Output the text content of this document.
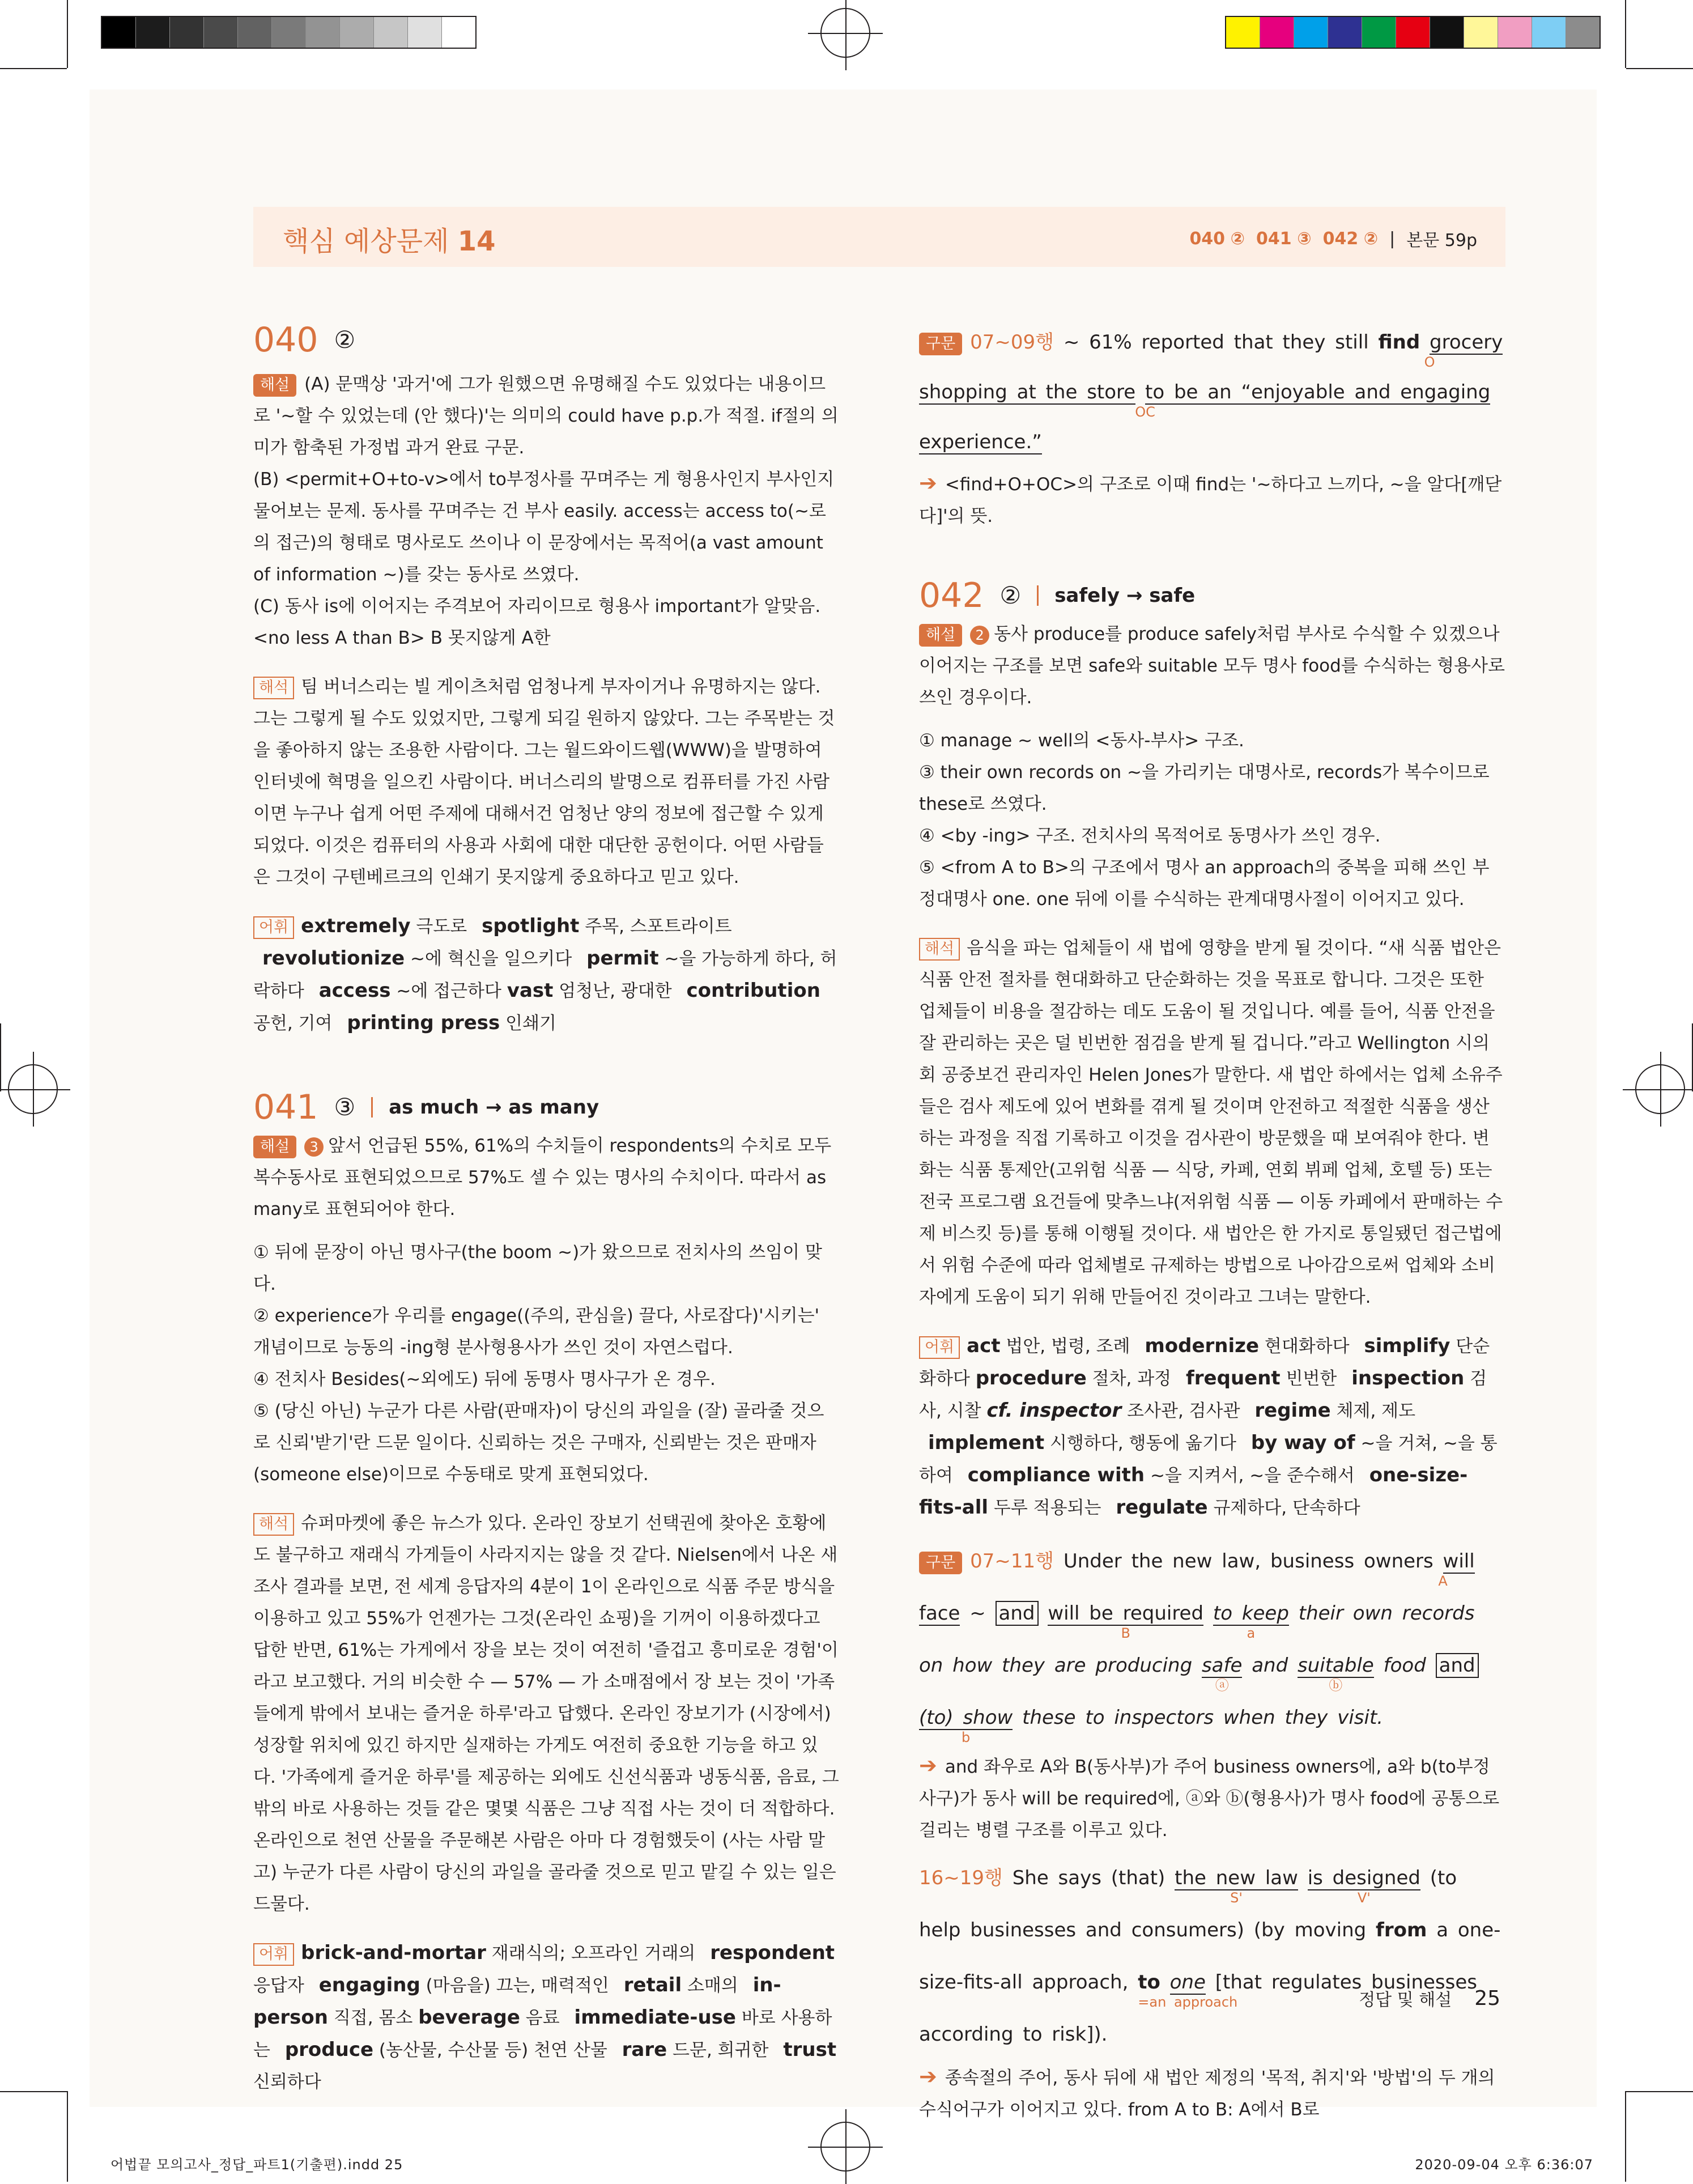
핵심 예상문제 14	040 ② 041 ③ 042 ② | 본문 59p
040 ②

해설 (A) 문맥상 '과거'에 그가 원했으면 유명해질 수도 있었다는 내용이므로 '~할 수 있었는데 (안 했다)'는 의미의 could have p.p.가 적절. if절의 의미가 함축된 가정법 과거 완료 구문.

(B) <permit+O+to-v>에서 to부정사를 꾸며주는 게 형용사인지 부사인지 물어보는 문제. 동사를 꾸며주는 건 부사 easily. access는 access to(~로의 접근)의 형태로 명사로도 쓰이나 이 문장에서는 목적어(a vast amount of information ~)를 갖는 동사로 쓰였다.

(C) 동사 is에 이어지는 주격보어 자리이므로 형용사 important가 알맞음. <no less A than B> B 못지않게 A한

해석 팀 버너스리는 빌 게이츠처럼 엄청나게 부자이거나 유명하지는 않다. 그는 그렇게 될 수도 있었지만, 그렇게 되길 원하지 않았다. 그는 주목받는 것을 좋아하지 않는 조용한 사람이다. 그는 월드와이드웹(WWW)을 발명하여 인터넷에 혁명을 일으킨 사람이다. 버너스리의 발명으로 컴퓨터를 가진 사람이면 누구나 쉽게 어떤 주제에 대해서건 엄청난 양의 정보에 접근할 수 있게 되었다. 이것은 컴퓨터의 사용과 사회에 대한 대단한 공헌이다. 어떤 사람들은 그것이 구텐베르크의 인쇄기 못지않게 중요하다고 믿고 있다.

어휘 extremely 극도로 spotlight 주목, 스포트라이트 revolutionize ~에 혁신을 일으키다 permit ~을 가능하게 하다, 허락하다 access ~에 접근하다 vast 엄청난, 광대한 contribution 공헌, 기여 printing press 인쇄기

041 ③ as much → as many

해설 3 앞서 언급된 55%, 61%의 수치들이 respondents의 수치로 모두 복수동사로 표현되었으므로 57%도 셀 수 있는 명사의 수치이다. 따라서 as many로 표현되어야 한다.

① 뒤에 문장이 아닌 명사구(the boom ~)가 왔으므로 전치사의 쓰임이 맞다.

② experience가 우리를 engage((주의, 관심을) 끌다, 사로잡다)'시키는' 개념이므로 능동의 -ing형 분사형용사가 쓰인 것이 자연스럽다.

④ 전치사 Besides(~외에도) 뒤에 동명사 명사구가 온 경우.

⑤ (당신 아닌) 누군가 다른 사람(판매자)이 당신의 과일을 (잘) 골라줄 것으로 신뢰'받기'란 드문 일이다. 신뢰하는 것은 구매자, 신뢰받는 것은 판매자(someone else)이므로 수동태로 맞게 표현되었다.

해석 슈퍼마켓에 좋은 뉴스가 있다. 온라인 장보기 선택권에 찾아온 호황에도 불구하고 재래식 가게들이 사라지지는 않을 것 같다. Nielsen에서 나온 새 조사 결과를 보면, 전 세계 응답자의 4분이 1이 온라인으로 식품 주문 방식을 이용하고 있고 55%가 언젠가는 그것(온라인 쇼핑)을 기꺼이 이용하겠다고 답한 반면, 61%는 가게에서 장을 보는 것이 여전히 '즐겁고 흥미로운 경험'이라고 보고했다. 거의 비슷한 수 — 57% — 가 소매점에서 장 보는 것이 '가족들에게 밖에서 보내는 즐거운 하루'라고 답했다. 온라인 장보기가 (시장에서) 성장할 위치에 있긴 하지만 실재하는 가게도 여전히 중요한 기능을 하고 있다. '가족에게 즐거운 하루'를 제공하는 외에도 신선식품과 냉동식품, 음료, 그 밖의 바로 사용하는 것들 같은 몇몇 식품은 그냥 직접 사는 것이 더 적합하다. 온라인으로 천연 산물을 주문해본 사람은 아마 다 경험했듯이 (사는 사람 말고) 누군가 다른 사람이 당신의 과일을 골라줄 것으로 믿고 맡길 수 있는 일은 드물다.

어휘 brick-and-mortar 재래식의; 오프라인 거래의 respondent 응답자 engaging (마음을) 끄는, 매력적인 retail 소매의 in-person 직접, 몸소 beverage 음료 immediate-use 바로 사용하는 produce (농산물, 수산물 등) 천연 산물 rare 드문, 희귀한 trust 신뢰하다

구문 07~09행 ~ 61% reported that they still find grocery shopping at the store
O
to be an “enjoyable and engaging experience.”
OC

➔ <find+O+OC>의 구조로 이때 find는 '~하다고 느끼다, ~을 알다[깨닫다]'의 뜻.

042 ② safely → safe

해설 2 동사 produce를 produce safely처럼 부사로 수식할 수 있겠으나 이어지는 구조를 보면 safe와 suitable 모두 명사 food를 수식하는 형용사로 쓰인 경우이다.

① manage ~ well의 <동사-부사> 구조.

③ their own records on ~을 가리키는 대명사로, records가 복수이므로 these로 쓰였다.

④ <by -ing> 구조. 전치사의 목적어로 동명사가 쓰인 경우.

⑤ <from A to B>의 구조에서 명사 an approach의 중복을 피해 쓰인 부정대명사 one. one 뒤에 이를 수식하는 관계대명사절이 이어지고 있다.

해석 음식을 파는 업체들이 새 법에 영향을 받게 될 것이다. “새 식품 법안은 식품 안전 절차를 현대화하고 단순화하는 것을 목표로 합니다. 그것은 또한 업체들이 비용을 절감하는 데도 도움이 될 것입니다. 예를 들어, 식품 안전을 잘 관리하는 곳은 덜 빈번한 점검을 받게 될 겁니다.”라고 Wellington 시의회 공중보건 관리자인 Helen Jones가 말한다. 새 법안 하에서는 업체 소유주들은 검사 제도에 있어 변화를 겪게 될 것이며 안전하고 적절한 식품을 생산하는 과정을 직접 기록하고 이것을 검사관이 방문했을 때 보여줘야 한다. 변화는 식품 통제안(고위험 식품 — 식당, 카페, 연회 뷔페 업체, 호텔 등) 또는 전국 프로그램 요건들에 맞추느냐(저위험 식품 — 이동 카페에서 판매하는 수제 비스킷 등)를 통해 이행될 것이다. 새 법안은 한 가지로 통일됐던 접근법에서 위험 수준에 따라 업체별로 규제하는 방법으로 나아감으로써 업체와 소비자에게 도움이 되기 위해 만들어진 것이라고 그녀는 말한다.

어휘 act 법안, 법령, 조례 modernize 현대화하다 simplify 단순화하다 procedure 절차, 과정 frequent 빈번한 inspection 검사, 시찰 cf. inspector 조사관, 검사관 regime 체제, 제도 implement 시행하다, 행동에 옮기다 by way of ~을 거쳐, ~을 통하여 compliance with ~을 지켜서, ~을 준수해서 one-size-fits-all 두루 적용되는 regulate 규제하다, 단속하다

구문 07~11행 Under the new law, business owners will face
A
~ and will be required
B
to keep
a
their own records on how they are producing safe
ⓐ
and suitable
ⓑ
food and (to) show
b
these to inspectors when they visit.

➔ and 좌우로 A와 B(동사부)가 주어 business owners에, a와 b(to부정사구)가 동사 will be required에, ⓐ와 ⓑ(형용사)가 명사 food에 공통으로 걸리는 병렬 구조를 이루고 있다.

16~19행 She says (that) the new law
S'
is designed
V'
(to help businesses and consumers) (by moving from a one-size-fits-all approach, to one
=an approach
[that regulates businesses according to risk]).

➔ 종속절의 주어, 동사 뒤에 새 법안 제정의 '목적, 취지'와 '방법'의 두 개의 수식어구가 이어지고 있다. from A to B: A에서 B로

정답 및 해설 25
어법끝 모의고사_정답_파트1(기출편).indd 25	2020-09-04 오후 6:36:07
